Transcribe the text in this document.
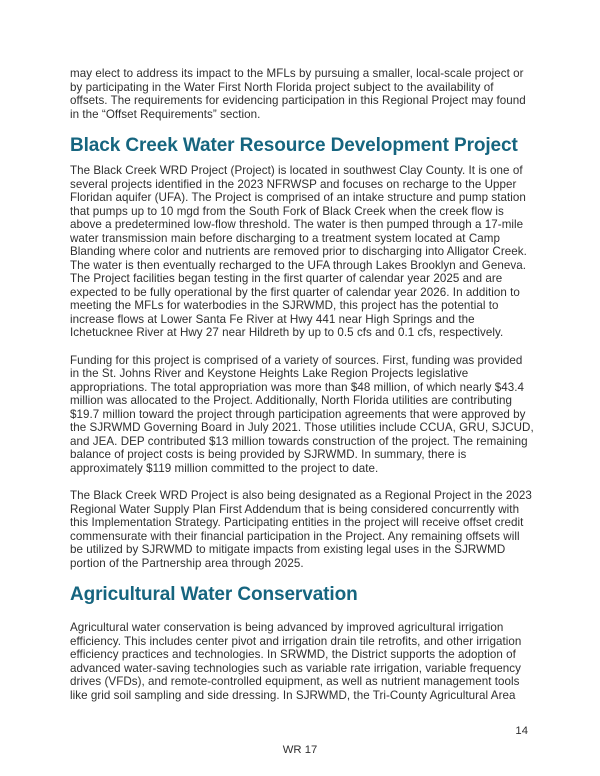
may elect to address its impact to the MFLs by pursuing a smaller, local-scale project or by participating in the Water First North Florida project subject to the availability of offsets. The requirements for evidencing participation in this Regional Project may found in the “Offset Requirements” section.

Black Creek Water Resource Development Project

The Black Creek WRD Project (Project) is located in southwest Clay County. It is one of several projects identified in the 2023 NFRWSP and focuses on recharge to the Upper Floridan aquifer (UFA). The Project is comprised of an intake structure and pump station that pumps up to 10 mgd from the South Fork of Black Creek when the creek flow is above a predetermined low-flow threshold. The water is then pumped through a 17-mile water transmission main before discharging to a treatment system located at Camp Blanding where color and nutrients are removed prior to discharging into Alligator Creek. The water is then eventually recharged to the UFA through Lakes Brooklyn and Geneva. The Project facilities began testing in the first quarter of calendar year 2025 and are expected to be fully operational by the first quarter of calendar year 2026. In addition to meeting the MFLs for waterbodies in the SJRWMD, this project has the potential to increase flows at Lower Santa Fe River at Hwy 441 near High Springs and the Ichetucknee River at Hwy 27 near Hildreth by up to 0.5 cfs and 0.1 cfs, respectively.

Funding for this project is comprised of a variety of sources. First, funding was provided in the St. Johns River and Keystone Heights Lake Region Projects legislative appropriations. The total appropriation was more than $48 million, of which nearly $43.4 million was allocated to the Project. Additionally, North Florida utilities are contributing $19.7 million toward the project through participation agreements that were approved by the SJRWMD Governing Board in July 2021. Those utilities include CCUA, GRU, SJCUD, and JEA. DEP contributed $13 million towards construction of the project. The remaining balance of project costs is being provided by SJRWMD. In summary, there is approximately $119 million committed to the project to date.

The Black Creek WRD Project is also being designated as a Regional Project in the 2023 Regional Water Supply Plan First Addendum that is being considered concurrently with this Implementation Strategy. Participating entities in the project will receive offset credit commensurate with their financial participation in the Project. Any remaining offsets will be utilized by SJRWMD to mitigate impacts from existing legal uses in the SJRWMD portion of the Partnership area through 2025.

Agricultural Water Conservation

Agricultural water conservation is being advanced by improved agricultural irrigation efficiency. This includes center pivot and irrigation drain tile retrofits, and other irrigation efficiency practices and technologies. In SRWMD, the District supports the adoption of advanced water-saving technologies such as variable rate irrigation, variable frequency drives (VFDs), and remote-controlled equipment, as well as nutrient management tools like grid soil sampling and side dressing. In SJRWMD, the Tri-County Agricultural Area

14
WR 17
